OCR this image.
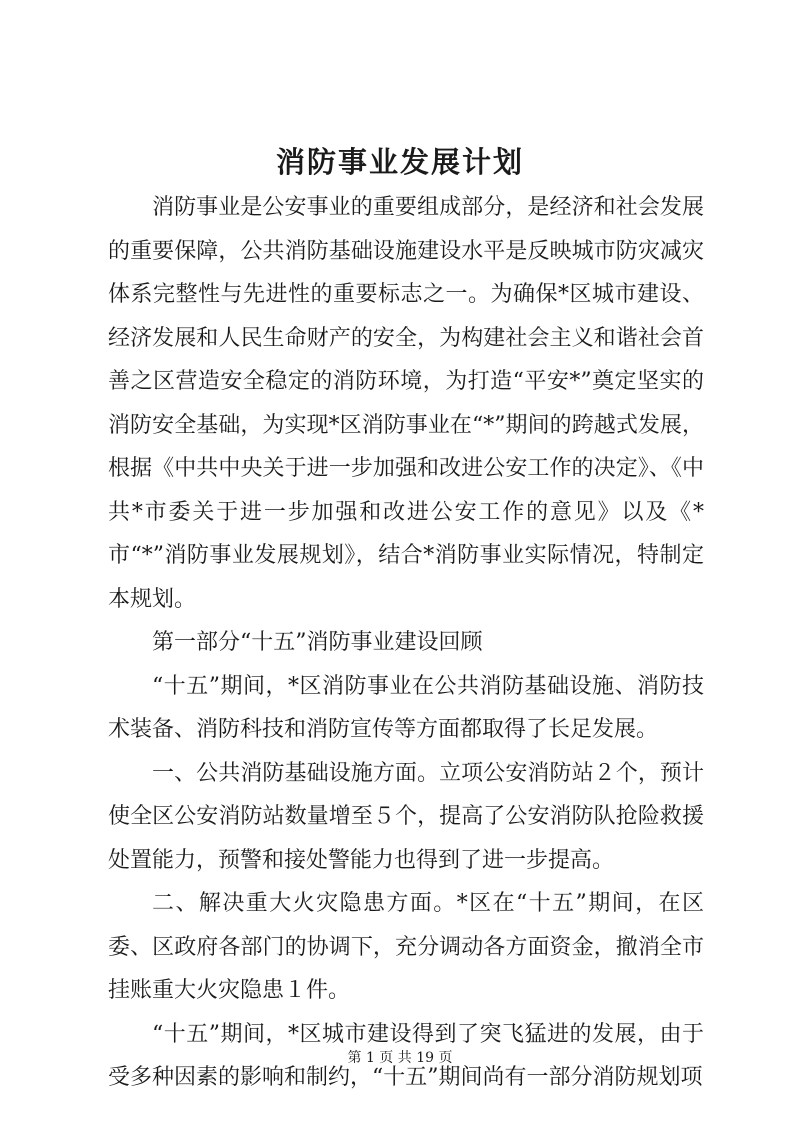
消防事业发展计划

消防事业是公安事业的重要组成部分，是经济和社会发展的重要保障，公共消防基础设施建设水平是反映城市防灾减灾体系完整性与先进性的重要标志之一。为确保*区城市建设、经济发展和人民生命财产的安全，为构建社会主义和谐社会首善之区营造安全稳定的消防环境，为打造“平安*”奠定坚实的消防安全基础，为实现*区消防事业在“*”期间的跨越式发展，根据《中共中央关于进一步加强和改进公安工作的决定》、《中共*市委关于进一步加强和改进公安工作的意见》以及《*市“*”消防事业发展规划》，结合*消防事业实际情况，特制定本规划。

第一部分“十五”消防事业建设回顾

“十五”期间，*区消防事业在公共消防基础设施、消防技术装备、消防科技和消防宣传等方面都取得了长足发展。

一、公共消防基础设施方面。立项公安消防站２个，预计使全区公安消防站数量增至５个，提高了公安消防队抢险救援处置能力，预警和接处警能力也得到了进一步提高。

二、解决重大火灾隐患方面。*区在“十五”期间，在区委、区政府各部门的协调下，充分调动各方面资金，撤消全市挂账重大火灾隐患１件。

“十五”期间，*区城市建设得到了突飞猛进的发展，由于受多种因素的影响和制约，“十五”期间尚有一部分消防规划项

第 1 页 共 19 页
